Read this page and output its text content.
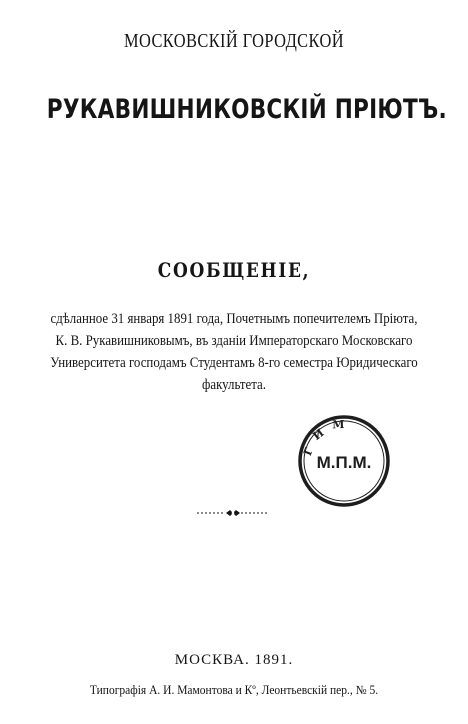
МОСКОВСКІЙ ГОРОДСКОЙ
РУКАВИШНИКОВСКІЙ ПРІЮТЪ.
СООБЩЕНІЕ,
сдѣланное 31 января 1891 года, Почетнымъ попечителемъ Пріюта,
К. В. Рукавишниковымъ, въ зданіи Императорскаго Московскаго
Университета господамъ Студентамъ 8-го семестра Юридическаго
факультета.
ГИМ
М.П.М.
МОСКВА. 1891.
Типографія А. И. Мамонтова и Кº, Леонтьевскій пер., № 5.
